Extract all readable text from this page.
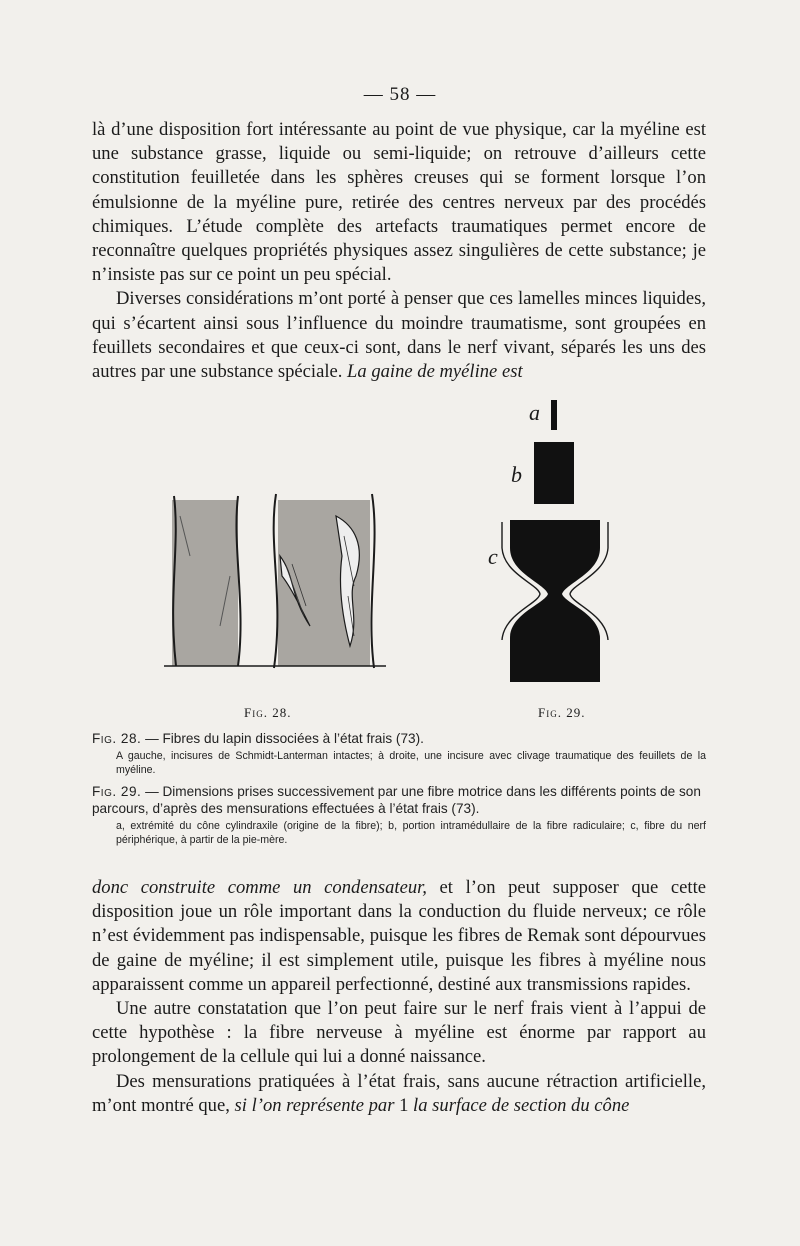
— 58 —

là d’une disposition fort intéressante au point de vue physique, car la myéline est une substance grasse, liquide ou semi-liquide; on retrouve d’ailleurs cette constitution feuilletée dans les sphères creuses qui se forment lorsque l’on émulsionne de la myéline pure, retirée des centres nerveux par des procédés chimiques. L’étude complète des artefacts traumatiques permet encore de reconnaître quelques propriétés physiques assez singulières de cette substance; je n’insiste pas sur ce point un peu spécial.

Diverses considérations m’ont porté à penser que ces lamelles minces liquides, qui s’écartent ainsi sous l’influence du moindre traumatisme, sont groupées en feuillets secondaires et que ceux-ci sont, dans le nerf vivant, séparés les uns des autres par une substance spéciale. La gaine de myéline est

Fig. 28.
a
b
c
Fig. 29.

Fig. 28. — Fibres du lapin dissociées à l’état frais (73).

A gauche, incisures de Schmidt-Lanterman intactes; à droite, une incisure avec clivage traumatique des feuillets de la myéline.

Fig. 29. — Dimensions prises successivement par une fibre motrice dans les différents points de son parcours, d’après des mensurations effectuées à l’état frais (73).

a, extrémité du cône cylindraxile (origine de la fibre); b, portion intramédullaire de la fibre radiculaire; c, fibre du nerf périphérique, à partir de la pie-mère.

donc construite comme un condensateur, et l’on peut supposer que cette disposition joue un rôle important dans la conduction du fluide nerveux; ce rôle n’est évidemment pas indispensable, puisque les fibres de Remak sont dépourvues de gaine de myéline; il est simplement utile, puisque les fibres à myéline nous apparaissent comme un appareil perfectionné, destiné aux transmissions rapides.

Une autre constatation que l’on peut faire sur le nerf frais vient à l’appui de cette hypothèse : la fibre nerveuse à myéline est énorme par rapport au prolongement de la cellule qui lui a donné naissance.

Des mensurations pratiquées à l’état frais, sans aucune rétraction artificielle, m’ont montré que, si l’on représente par 1 la surface de section du cône
